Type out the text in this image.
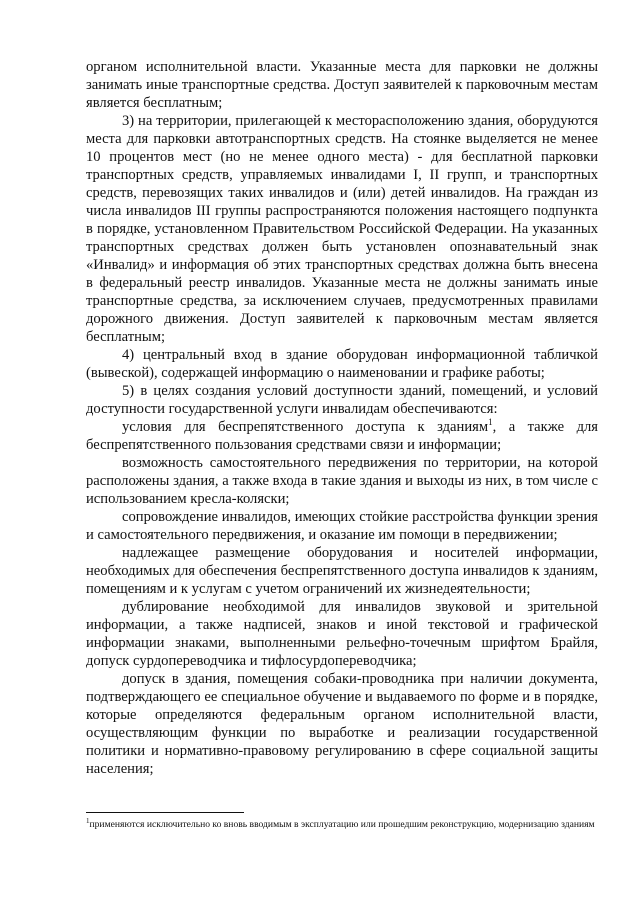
органом исполнительной власти. Указанные места для парковки не должны занимать иные транспортные средства. Доступ заявителей к парковочным местам является бесплатным;

3) на территории, прилегающей к месторасположению здания, оборудуются места для парковки автотранспортных средств. На стоянке выделяется не менее 10 процентов мест (но не менее одного места) - для бесплатной парковки транспортных средств, управляемых инвалидами I, II групп, и транспортных средств, перевозящих таких инвалидов и (или) детей инвалидов. На граждан из числа инвалидов III группы распространяются положения настоящего подпункта в порядке, установленном Правительством Российской Федерации. На указанных транспортных средствах должен быть установлен опознавательный знак «Инвалид» и информация об этих транспортных средствах должна быть внесена в федеральный реестр инвалидов. Указанные места не должны занимать иные транспортные средства, за исключением случаев, предусмотренных правилами дорожного движения. Доступ заявителей к парковочным местам является бесплатным;

4) центральный вход в здание оборудован информационной табличкой (вывеской), содержащей информацию о наименовании и графике работы;

5) в целях создания условий доступности зданий, помещений, и условий доступности государственной услуги инвалидам обеспечиваются:

условия для беспрепятственного доступа к зданиям$^1$, а также для беспрепятственного пользования средствами связи и информации;

возможность самостоятельного передвижения по территории, на которой расположены здания, а также входа в такие здания и выходы из них, в том числе с использованием кресла-коляски;

сопровождение инвалидов, имеющих стойкие расстройства функции зрения и самостоятельного передвижения, и оказание им помощи в передвижении;

надлежащее размещение оборудования и носителей информации, необходимых для обеспечения беспрепятственного доступа инвалидов к зданиям, помещениям и к услугам с учетом ограничений их жизнедеятельности;

дублирование необходимой для инвалидов звуковой и зрительной информации, а также надписей, знаков и иной текстовой и графической информации знаками, выполненными рельефно-точечным шрифтом Брайля, допуск сурдопереводчика и тифлосурдопереводчика;

допуск в здания, помещения собаки-проводника при наличии документа, подтверждающего ее специальное обучение и выдаваемого по форме и в порядке, которые определяются федеральным органом исполнительной власти, осуществляющим функции по выработке и реализации государственной политики и нормативно-правовому регулированию в сфере социальной защиты населения;

$^1$применяются исключительно ко вновь вводимым в эксплуатацию или прошедшим реконструкцию, модернизацию зданиям
